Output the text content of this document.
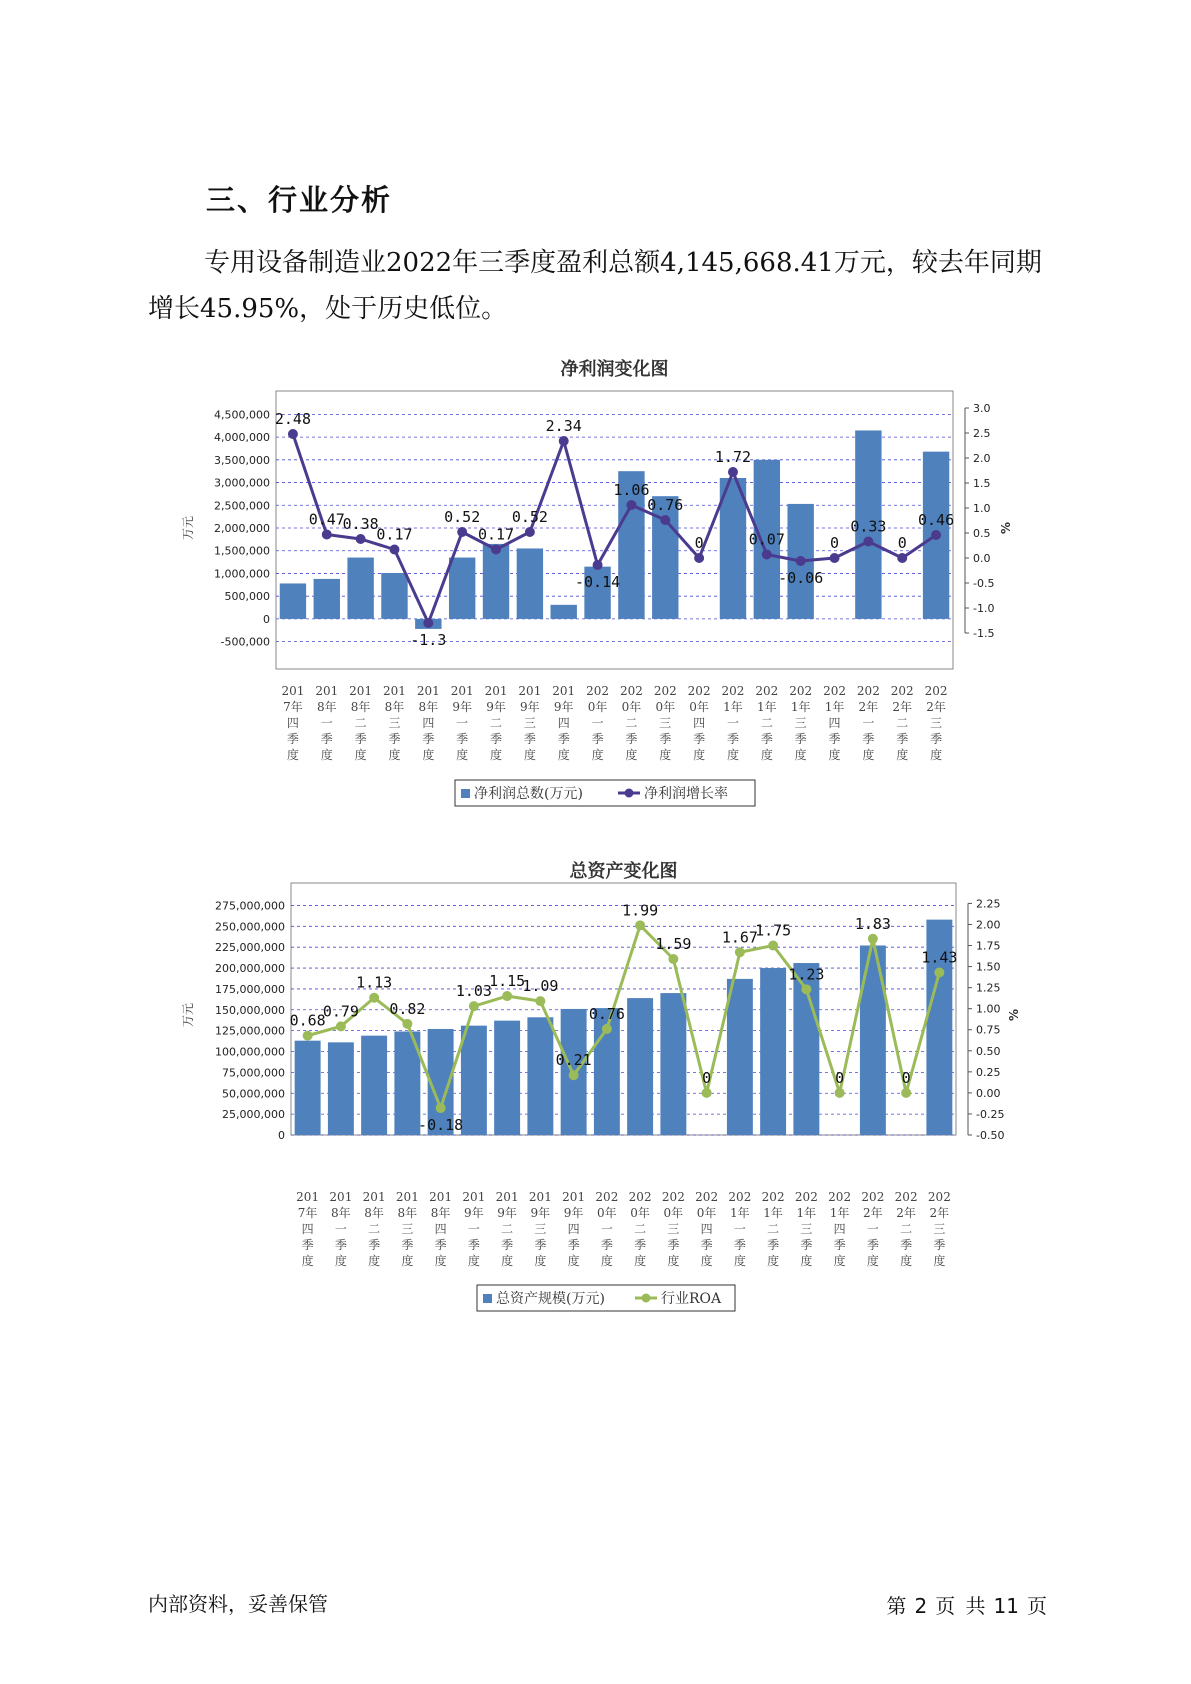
三、行业分析
专用设备制造业2022年三季度盈利总额4,145,668.41万元，较去年同期增长45.95%，处于历史低位。
净利润变化图
-500,000
0
500,000
1,000,000
1,500,000
2,000,000
2,500,000
3,000,000
3,500,000
4,000,000
4,500,000
-1.5
-1.0
-0.5
0.0
0.5
1.0
1.5
2.0
2.5
3.0
万元	%
2.48
0.47
0.38
0.17
-1.3
0.52
0.17
0.52
2.34
-0.14
1.06
0.76
0
1.72
0.07
-0.06
0
0.33
0
0.46
201
7年
四
季
度
201
8年
一
季
度
201
8年
二
季
度
201
8年
三
季
度
201
8年
四
季
度
201
9年
一
季
度
201
9年
二
季
度
201
9年
三
季
度
201
9年
四
季
度
202
0年
一
季
度
202
0年
二
季
度
202
0年
三
季
度
202
0年
四
季
度
202
1年
一
季
度
202
1年
二
季
度
202
1年
三
季
度
202
1年
四
季
度
202
2年
一
季
度
202
2年
二
季
度
202
2年
三
季
度
净利润总数(万元)	净利润增长率
总资产变化图
0
25,000,000
50,000,000
75,000,000
100,000,000
125,000,000
150,000,000
175,000,000
200,000,000
225,000,000
250,000,000
275,000,000
-0.50
-0.25
0.00
0.25
0.50
0.75
1.00
1.25
1.50
1.75
2.00
2.25
万元	%
0.68
0.79
1.13
0.82
-0.18
1.03
1.15
1.09
0.21
0.76
1.99
1.59
0
1.67
1.75
1.23
0
1.83
0
1.43
201
7年
四
季
度
201
8年
一
季
度
201
8年
二
季
度
201
8年
三
季
度
201
8年
四
季
度
201
9年
一
季
度
201
9年
二
季
度
201
9年
三
季
度
201
9年
四
季
度
202
0年
一
季
度
202
0年
二
季
度
202
0年
三
季
度
202
0年
四
季
度
202
1年
一
季
度
202
1年
二
季
度
202
1年
三
季
度
202
1年
四
季
度
202
2年
一
季
度
202
2年
二
季
度
202
2年
三
季
度
总资产规模(万元)	行业ROA
内部资料，妥善保管	第 2 页 共 11 页
